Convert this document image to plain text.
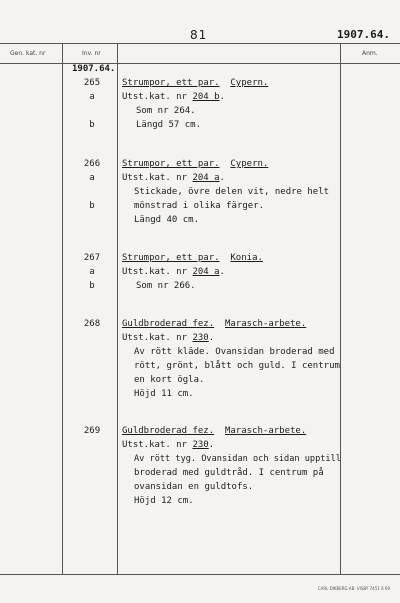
81	1907.64.
Gen. kat. nr	Inv. nr	Anm.
1907.64.
265	Strumpor, ett par. Cypern.
a	Utst.kat. nr 204 b.
Som nr 264.
b	Längd 57 cm.
266	Strumpor, ett par. Cypern.
a	Utst.kat. nr 204 a.
Stickade, övre delen vit, nedre helt
b	mönstrad i olika färger.
Längd 40 cm.
267	Strumpor, ett par. Konia.
a	Utst.kat. nr 204 a.
b	Som nr 266.
268	Guldbroderad fez. Marasch-arbete.
Utst.kat. nr 230.
Av rött kläde. Ovansidan broderad med
rött, grönt, blått och guld. I centrum
en kort ögla.
Höjd 11 cm.
269	Guldbroderad fez. Marasch-arbete.
Utst.kat. nr 230.
Av rött tyg. Ovansidan och sidan upptill
broderad med guldtråd. I centrum på
ovansidan en guldtofs.
Höjd 12 cm.
CARL DIKBERG AB. VISBY 7451 6 69
